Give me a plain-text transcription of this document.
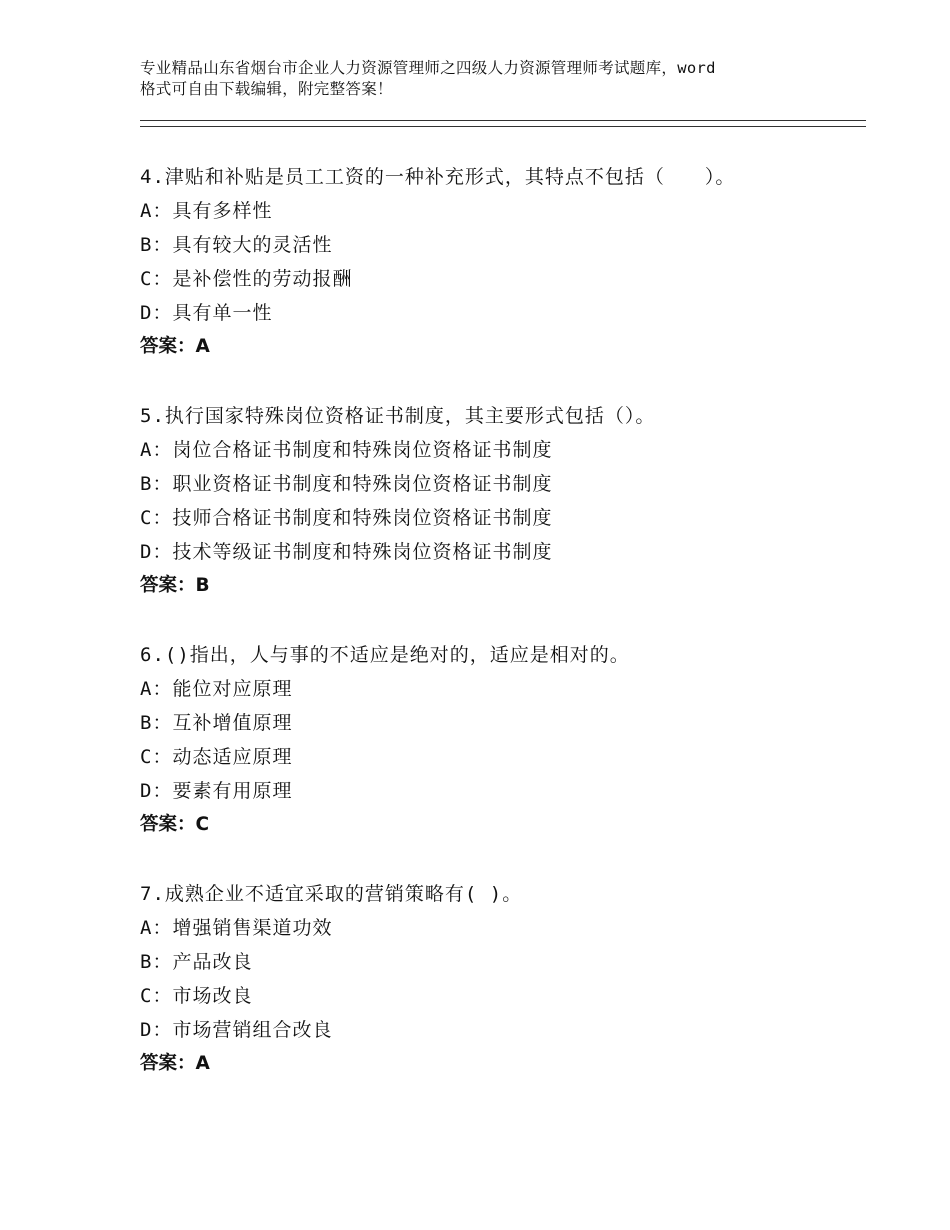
专业精品山东省烟台市企业人力资源管理师之四级人力资源管理师考试题库，word
格式可自由下载编辑，附完整答案！
4.津贴和补贴是员工工资的一种补充形式，其特点不包括（　　）。
A：具有多样性
B：具有较大的灵活性
C：是补偿性的劳动报酬
D：具有单一性
答案：A
5.执行国家特殊岗位资格证书制度，其主要形式包括（）。
A：岗位合格证书制度和特殊岗位资格证书制度
B：职业资格证书制度和特殊岗位资格证书制度
C：技师合格证书制度和特殊岗位资格证书制度
D：技术等级证书制度和特殊岗位资格证书制度
答案：B
6.()指出，人与事的不适应是绝对的，适应是相对的。
A：能位对应原理
B：互补增值原理
C：动态适应原理
D：要素有用原理
答案：C
7.成熟企业不适宜采取的营销策略有( )。
A：增强销售渠道功效
B：产品改良
C：市场改良
D：市场营销组合改良
答案：A
